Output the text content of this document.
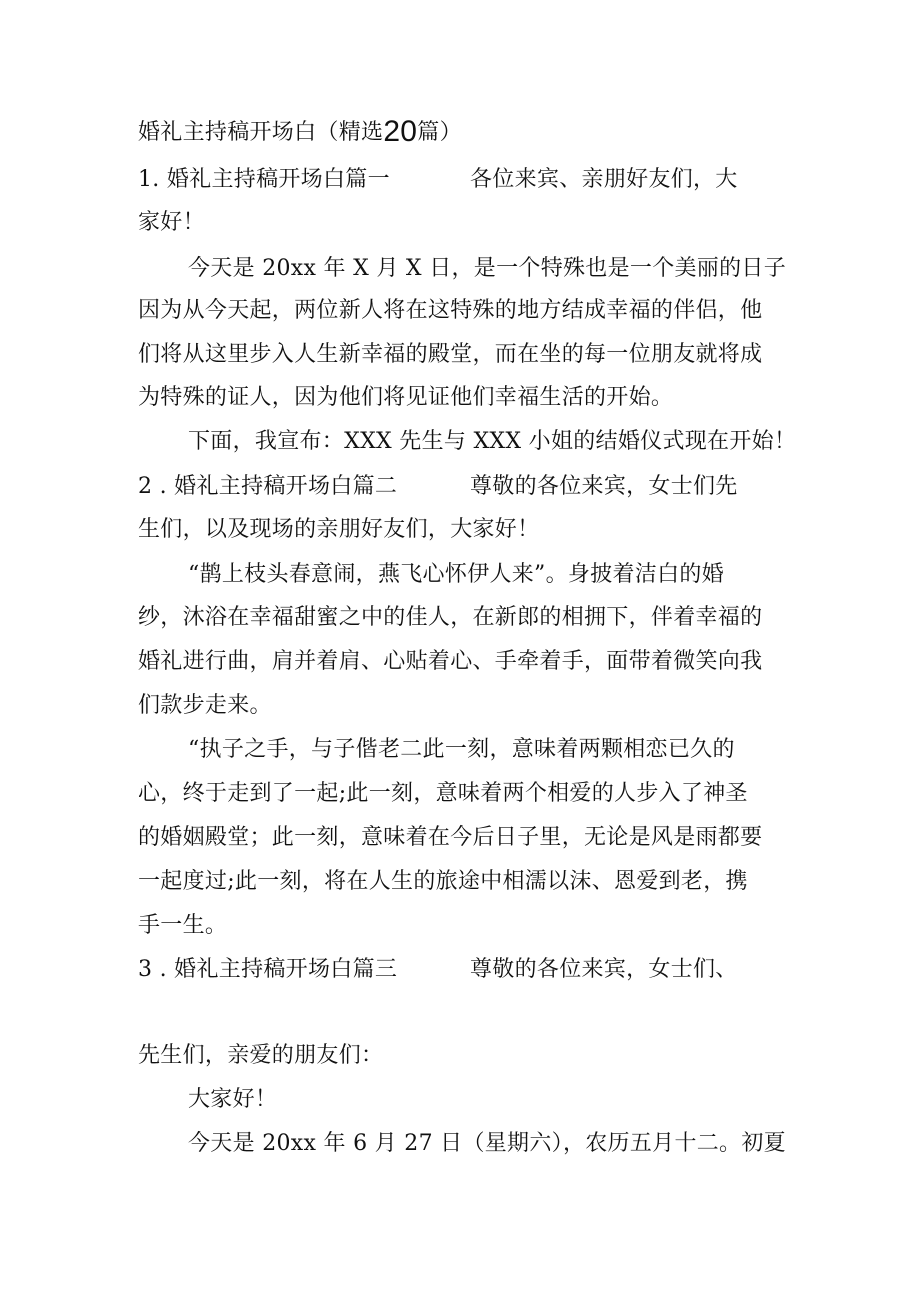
婚礼主持稿开场白（精选20篇）
1. 婚礼主持稿开场白篇一	各位来宾、亲朋好友们，大
家好！
今天是 20xx 年 X 月 X 日，是一个特殊也是一个美丽的日子
因为从今天起，两位新人将在这特殊的地方结成幸福的伴侣，他
们将从这里步入人生新幸福的殿堂，而在坐的每一位朋友就将成
为特殊的证人，因为他们将见证他们幸福生活的开始。
下面，我宣布：XXX 先生与 XXX 小姐的结婚仪式现在开始！
2 . 婚礼主持稿开场白篇二	尊敬的各位来宾，女士们先
生们，以及现场的亲朋好友们，大家好！
“鹊上枝头春意闹，燕飞心怀伊人来”。身披着洁白的婚
纱，沐浴在幸福甜蜜之中的佳人，在新郎的相拥下，伴着幸福的
婚礼进行曲，肩并着肩、心贴着心、手牵着手，面带着微笑向我
们款步走来。
“执子之手，与子偕老二此一刻，意味着两颗相恋已久的
心，终于走到了一起;此一刻，意味着两个相爱的人步入了神圣
的婚姻殿堂；此一刻，意味着在今后日子里，无论是风是雨都要
一起度过;此一刻，将在人生的旅途中相濡以沫、恩爱到老，携
手一生。
3 . 婚礼主持稿开场白篇三	尊敬的各位来宾，女士们、
先生们，亲爱的朋友们：
大家好！
今天是 20xx 年 6 月 27 日（星期六），农历五月十二。初夏
